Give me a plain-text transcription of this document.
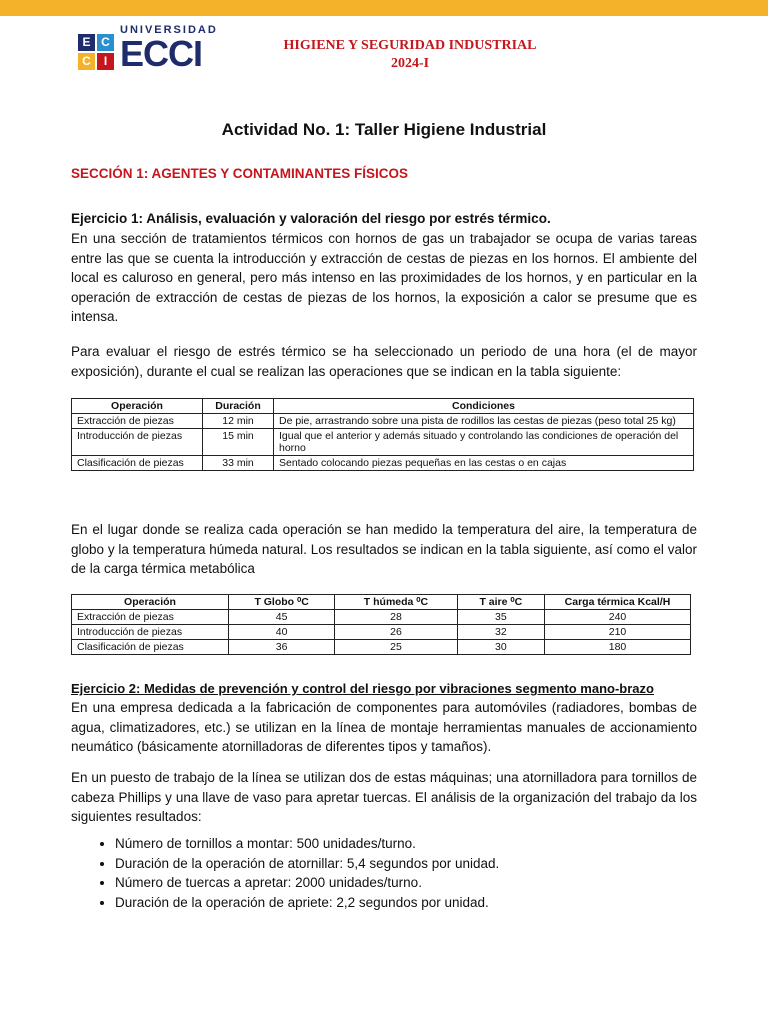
E C
C	I
UNIVERSIDAD
ECCI	HIGIENE Y SEGURIDAD INDUSTRIAL
2024-I
Actividad No. 1: Taller Higiene Industrial
SECCIÓN 1: AGENTES Y CONTAMINANTES FÍSICOS

Ejercicio 1: Análisis, evaluación y valoración del riesgo por estrés térmico.

En una sección de tratamientos térmicos con hornos de gas un trabajador se ocupa de varias tareas entre las que se cuenta la introducción y extracción de cestas de piezas en los hornos. El ambiente del local es caluroso en general, pero más intenso en las proximidades de los hornos, y en particular en la operación de extracción de cestas de piezas de los hornos, la exposición a calor se presume que es intensa.

Para evaluar el riesgo de estrés térmico se ha seleccionado un periodo de una hora (el de mayor exposición), durante el cual se realizan las operaciones que se indican en la tabla siguiente:

Operación	Duración	Condiciones
Extracción de piezas	12 min	De pie, arrastrando sobre una pista de rodillos las cestas de piezas (peso total 25 kg)
Introducción de piezas	15 min	Igual que el anterior y además situado y controlando las condiciones de operación del horno
Clasificación de piezas	33 min	Sentado colocando piezas pequeñas en las cestas o en cajas

En el lugar donde se realiza cada operación se han medido la temperatura del aire, la temperatura de globo y la temperatura húmeda natural. Los resultados se indican en la tabla siguiente, así como el valor de la carga térmica metabólica

Operación	T Globo ⁰C	T húmeda ⁰C	T aire ⁰C	Carga térmica Kcal/H
Extracción de piezas	45	28	35	240
Introducción de piezas	40	26	32	210
Clasificación de piezas	36	25	30	180

Ejercicio 2: Medidas de prevención y control del riesgo por vibraciones segmento mano-brazo

En una empresa dedicada a la fabricación de componentes para automóviles (radiadores, bombas de agua, climatizadores, etc.) se utilizan en la línea de montaje herramientas manuales de accionamiento neumático (básicamente atornilladoras de diferentes tipos y tamaños).

En un puesto de trabajo de la línea se utilizan dos de estas máquinas; una atornilladora para tornillos de cabeza Phillips y una llave de vaso para apretar tuercas. El análisis de la organización del trabajo da los siguientes resultados:

• Número de tornillos a montar: 500 unidades/turno.
• Duración de la operación de atornillar: 5,4 segundos por unidad.
• Número de tuercas a apretar: 2000 unidades/turno.
• Duración de la operación de apriete: 2,2 segundos por unidad.
